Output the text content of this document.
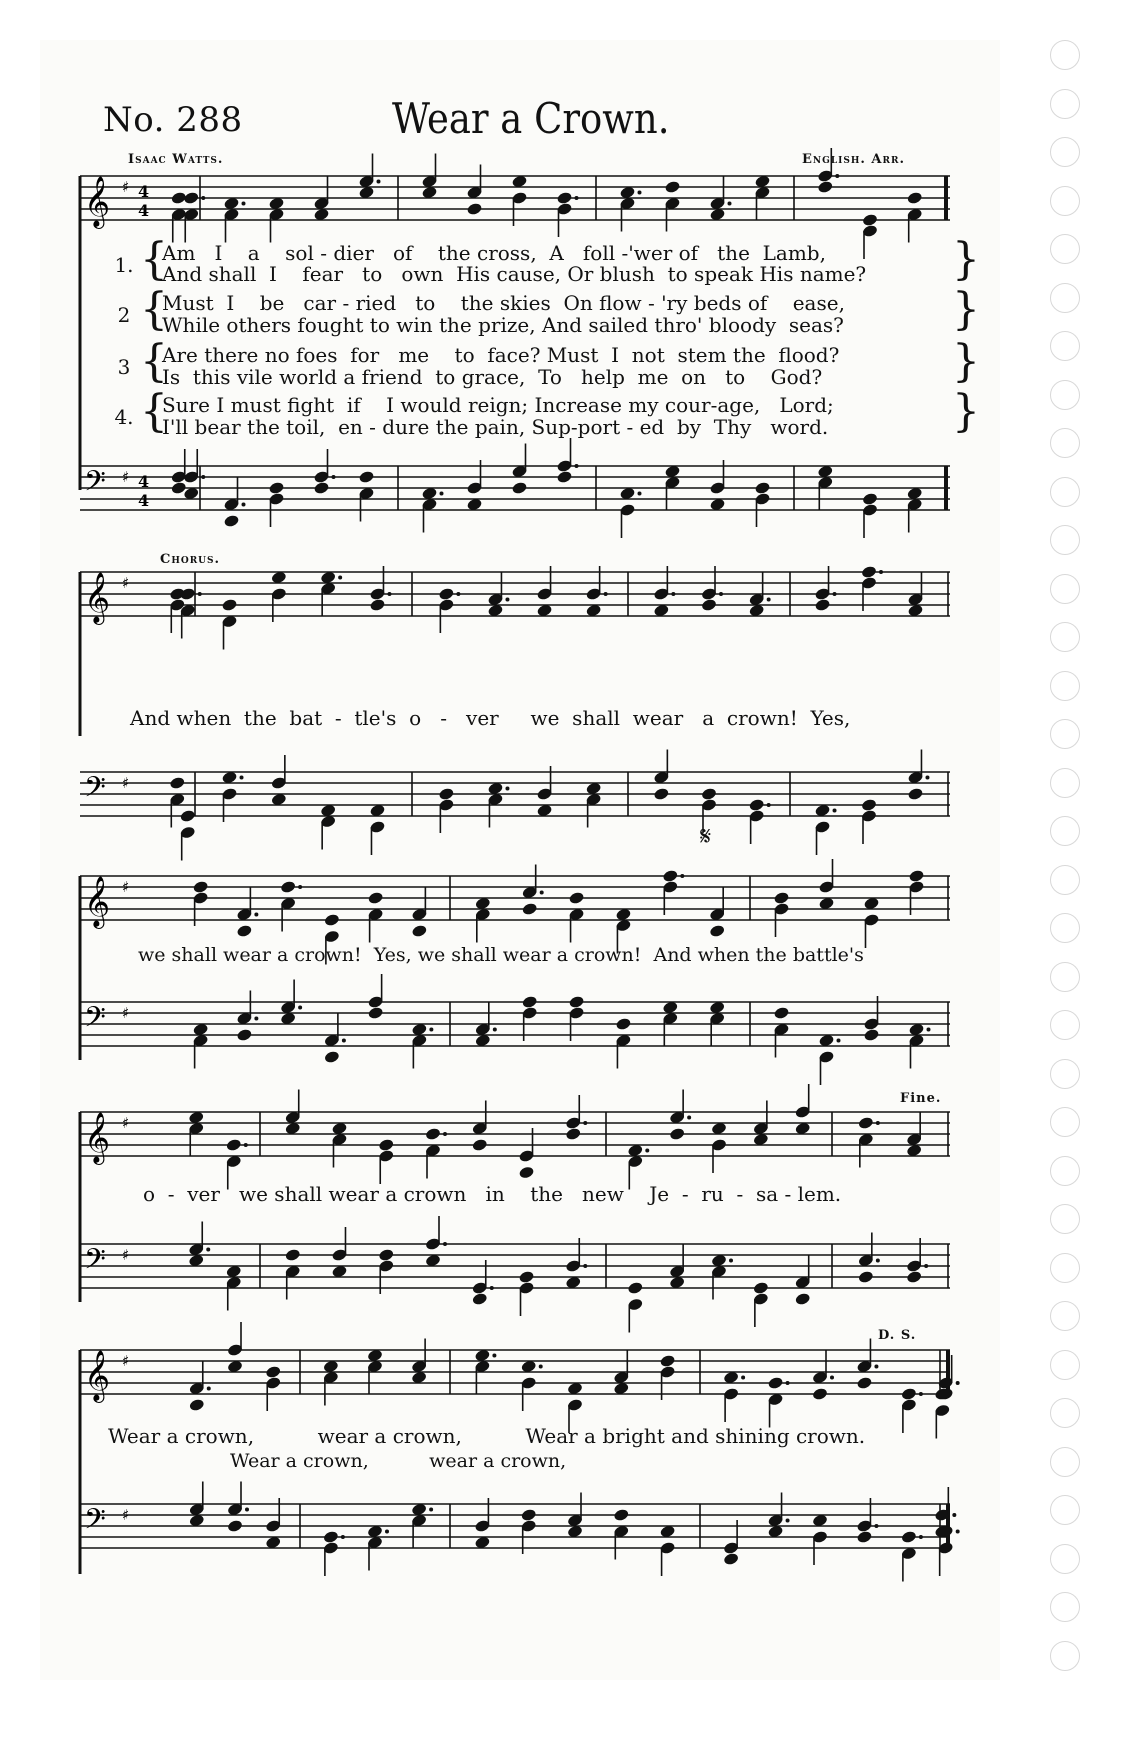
No. 288	Wear a Crown.
Isaac Watts.	English. Arr.
𝄞 ♯ 4
4
1. {
Am   I    a    sol - dier   of    the cross,  A   foll -'wer of   the  Lamb,
And shall  I    fear   to   own  His cause, Or blush  to speak His name?	}
2 {
Must  I    be   car - ried   to    the skies  On flow - 'ry beds of    ease,
While others fought to win the prize, And sailed thro' bloody  seas?	}
3 {
Are there no foes  for   me    to  face? Must  I  not  stem the  flood?
Is  this vile world a friend  to grace,  To   help  me  on   to    God?	}
4. {
Sure I must fight  if    I would reign; Increase my cour-age,   Lord;
I'll bear the toil,  en - dure the pain, Sup-port - ed  by  Thy   word.	}
𝄢 ♯ 4
4
Chorus.
𝄞 ♯
And when  the  bat  -  tle's  o   -   ver     we  shall  wear   a  crown!  Yes,
𝄢 ♯
𝄋
𝄞 ♯
we shall wear a crown!  Yes, we shall wear a crown!  And when the battle's
𝄢 ♯
Fine.
𝄞 ♯
o  -  ver   we shall wear a crown   in    the   new    Je  -  ru  -  sa - lem.
𝄢 ♯
D. S.
𝄞 ♯
Wear a crown,          wear a crown,          Wear a bright and shining crown.
Wear a crown,          wear a crown,
𝄢 ♯
